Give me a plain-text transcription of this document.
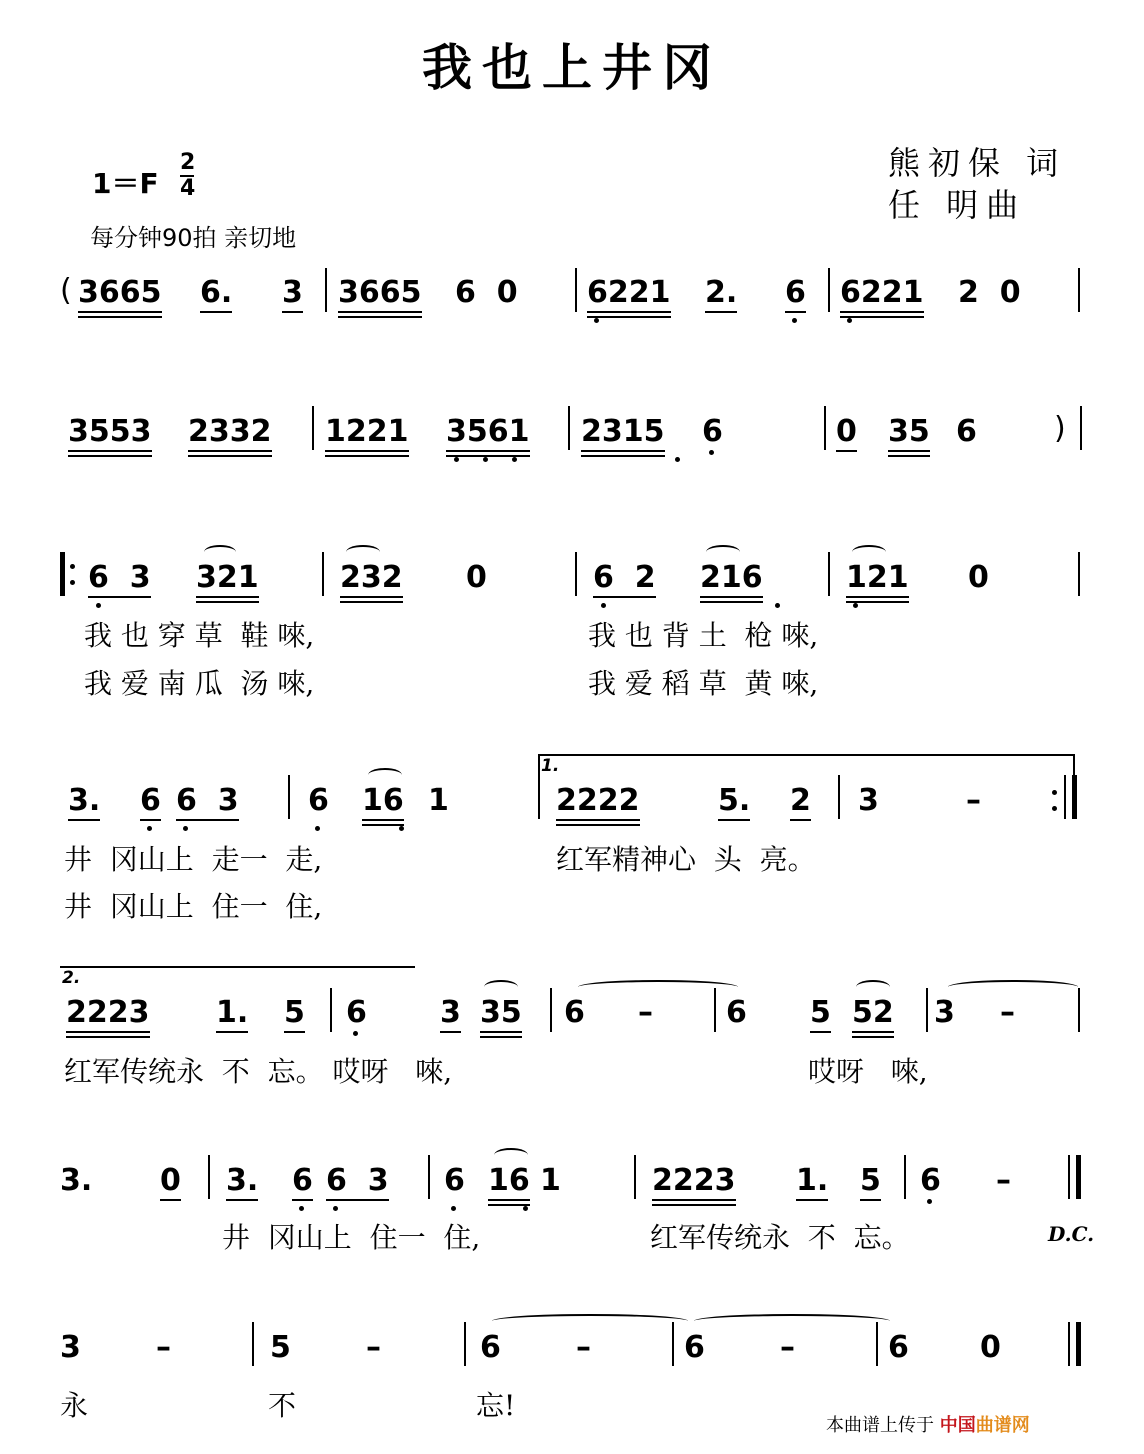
我也上井冈
1＝F
2
4
每分钟90拍 亲切地
熊初保 词
任 明曲
( 3665 6. 3 3665 6  0 6221 2. 6 6221 2  0
3553 2332 1221 3561 2315 6	0 35 6	)
6  3 321	232 0	6  2 216	121 0
我 也 穿 草  鞋 唻,	我 也 背 土  枪 唻,
我 爱 南 瓜  汤 唻,	我 爱 稻 草  黄 唻,
3. 6 6  3 6 16 1
1.
2222	5. 2 3	–
井  冈山上  走一  走,	红军精神心  头  亮。
井  冈山上  住一  住,
2.
2223 1. 5 6 3 35 6 – 6 5 52 3 –
红军传统永  不  忘。 哎呀   唻,	哎呀   唻,
3. 0 3. 6 6  3 6 16 1	2223 1. 5 6 –
井  冈山上  住一  住,	红军传统永  不  忘。	D.C.
3	–	5	–	6	–	6	–	6 0
永	不	忘!
本曲谱上传于 中国曲谱网
